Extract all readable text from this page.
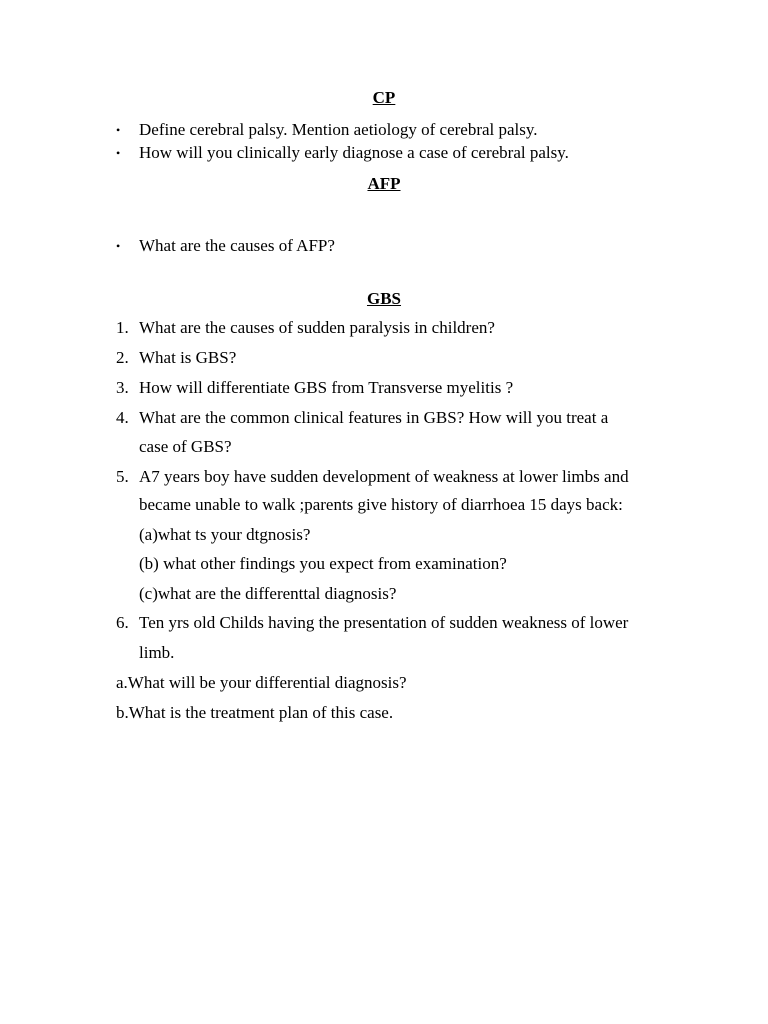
CP
• Define cerebral palsy. Mention aetiology of cerebral palsy.
• How will you clinically early diagnose a case of cerebral palsy.
AFP
• What are the causes of AFP?
GBS
1. What are the causes of sudden paralysis in children?
2. What is GBS?
3. How will differentiate GBS from Transverse myelitis ?
4. What are the common clinical features in GBS? How will you treat a
case of GBS?
5. A7 years boy have sudden development of weakness at lower limbs and
became unable to walk ;parents give history of diarrhoea 15 days back:
(a)what ts your dtgnosis?
(b) what other findings you expect from examination?
(c)what are the differenttal diagnosis?
6. Ten yrs old Childs having the presentation of sudden weakness of lower
limb.
a.What will be your differential diagnosis?
b.What is the treatment plan of this case.
